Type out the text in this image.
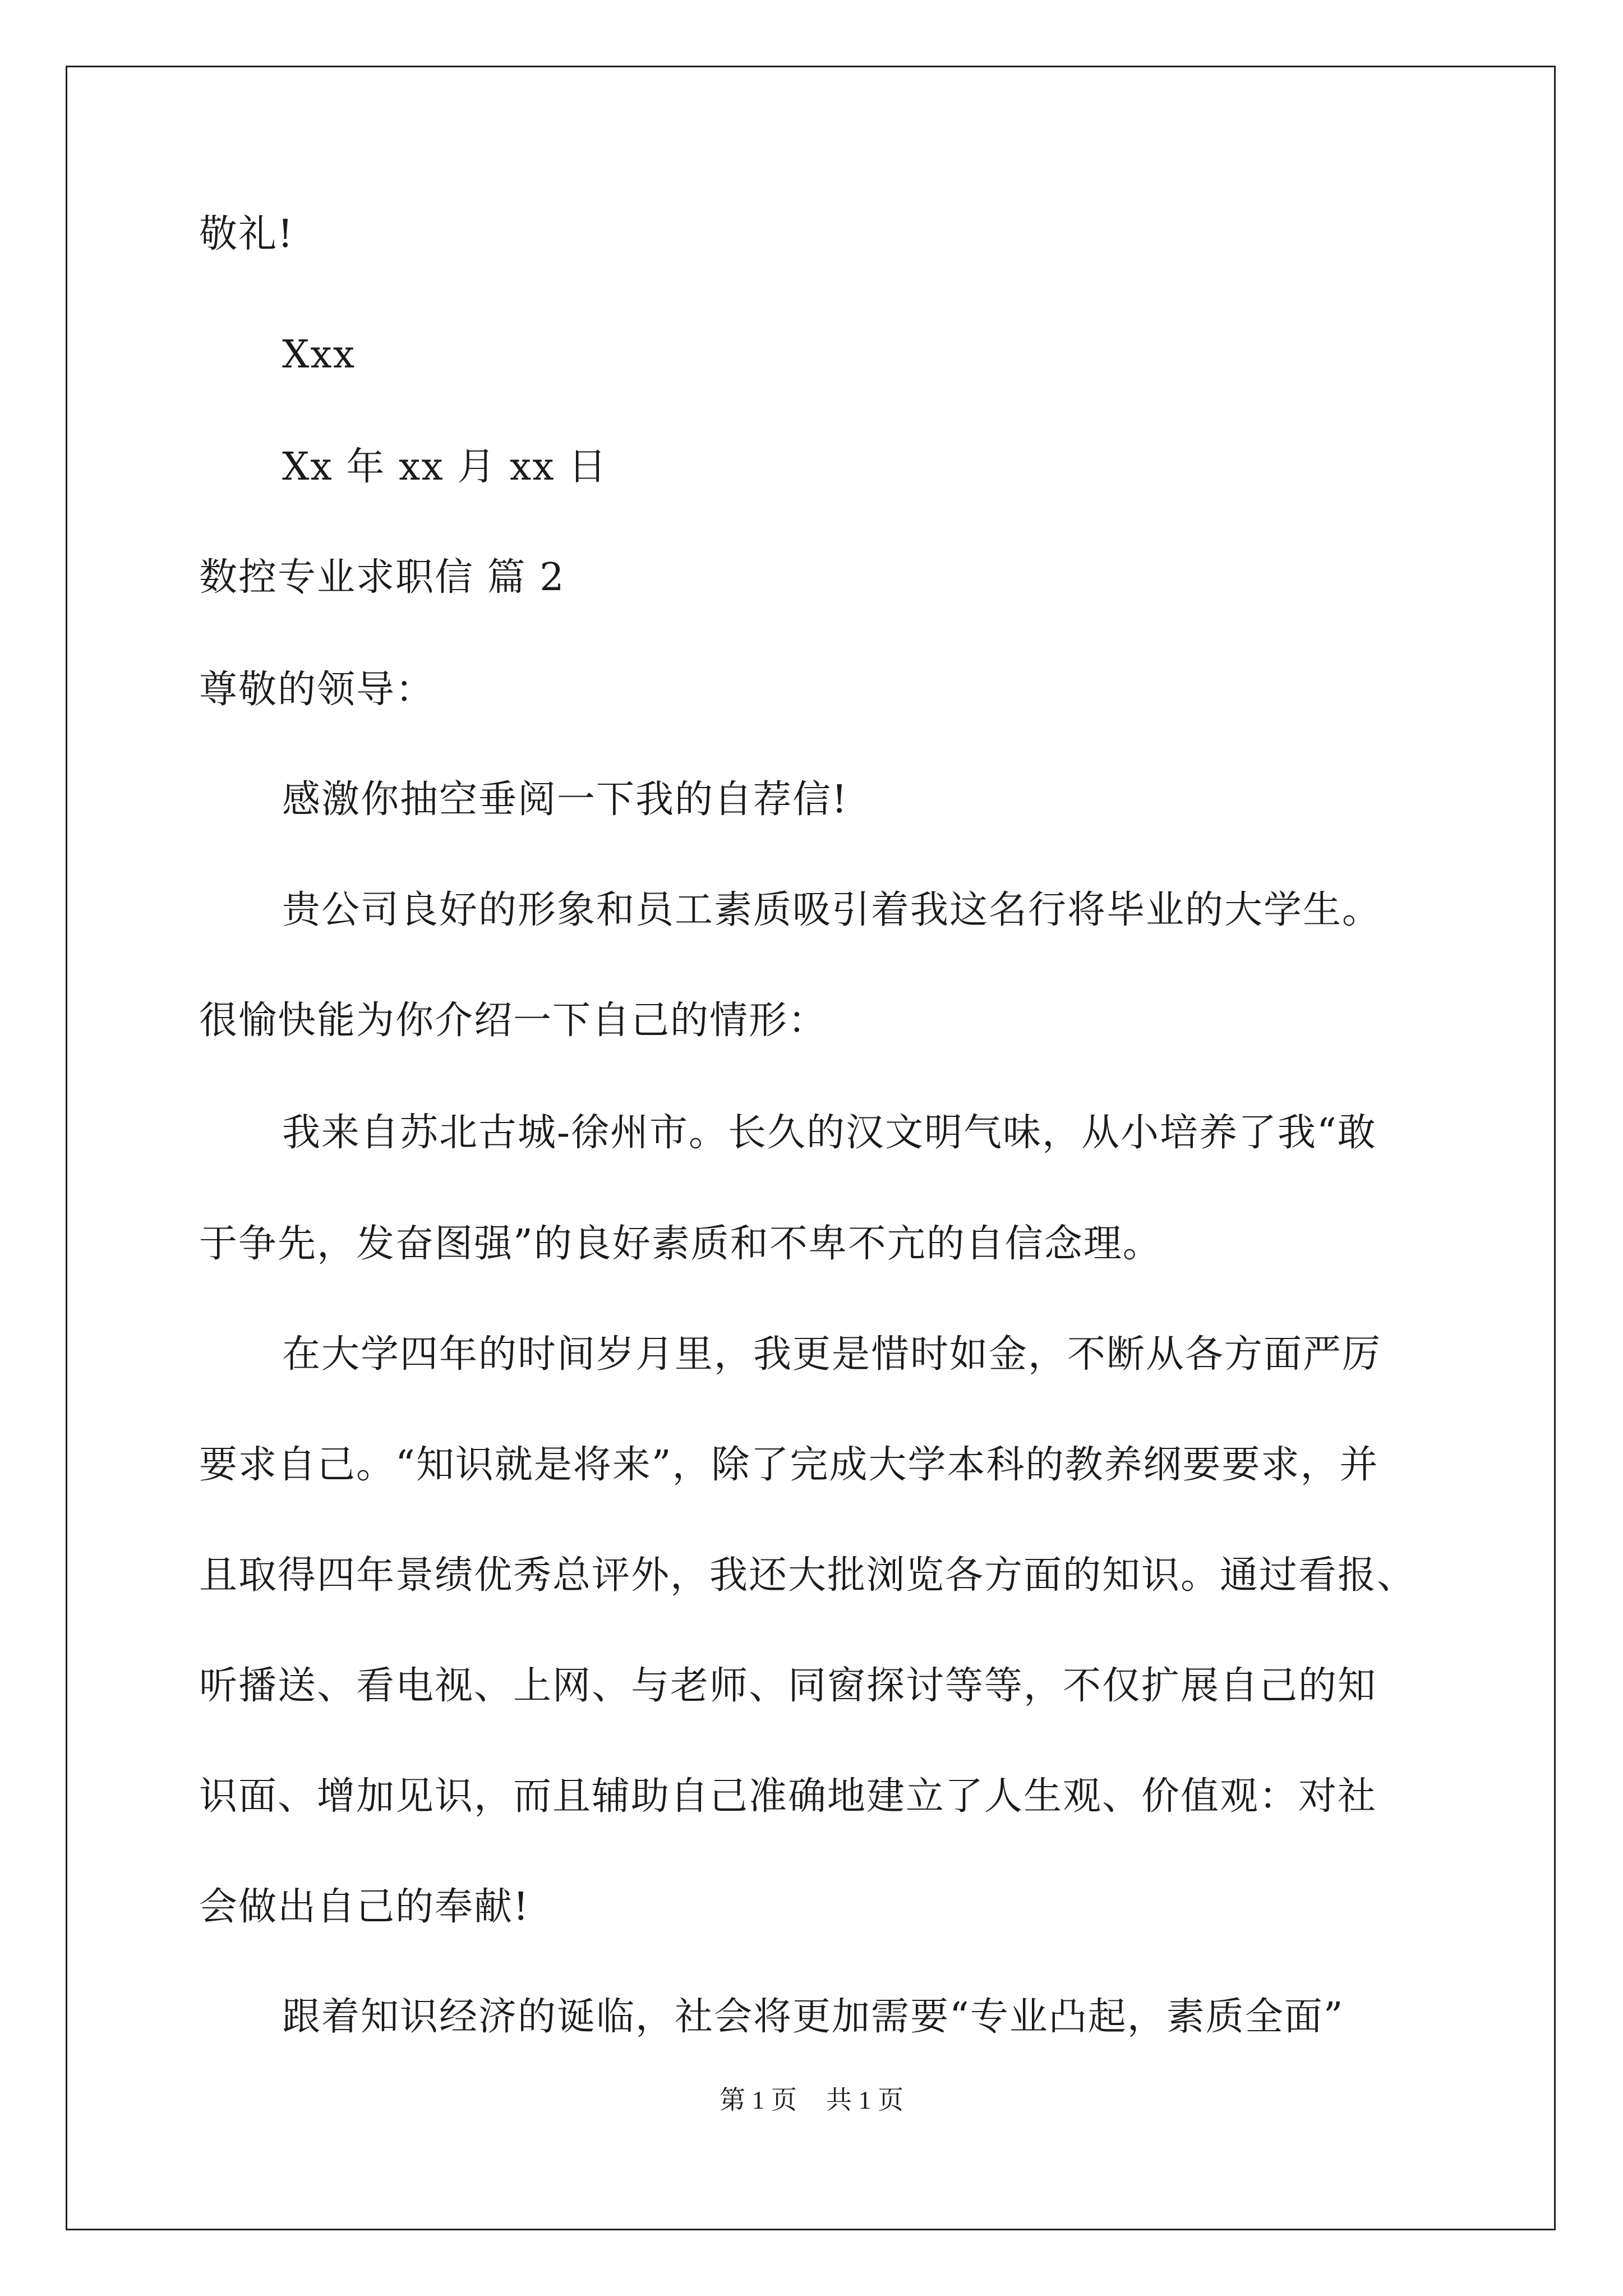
敬礼!
Xxx
Xx 年 xx 月 xx 日
数控专业求职信 篇 2
尊敬的领导：
感激你抽空垂阅一下我的自荐信!
贵公司良好的形象和员工素质吸引着我这名行将毕业的大学生。
很愉快能为你介绍一下自己的情形：
我来自苏北古城-徐州市。长久的汉文明气味，从小培养了我“敢
于争先，发奋图强”的良好素质和不卑不亢的自信念理。
在大学四年的时间岁月里，我更是惜时如金，不断从各方面严厉
要求自己。“知识就是将来”，除了完成大学本科的教养纲要要求，并
且取得四年景绩优秀总评外，我还大批浏览各方面的知识。通过看报、
听播送、看电视、上网、与老师、同窗探讨等等，不仅扩展自己的知
识面、增加见识，而且辅助自己准确地建立了人生观、价值观：对社
会做出自己的奉献!
跟着知识经济的诞临，社会将更加需要“专业凸起，素质全面”
第 1 页 共 1 页
